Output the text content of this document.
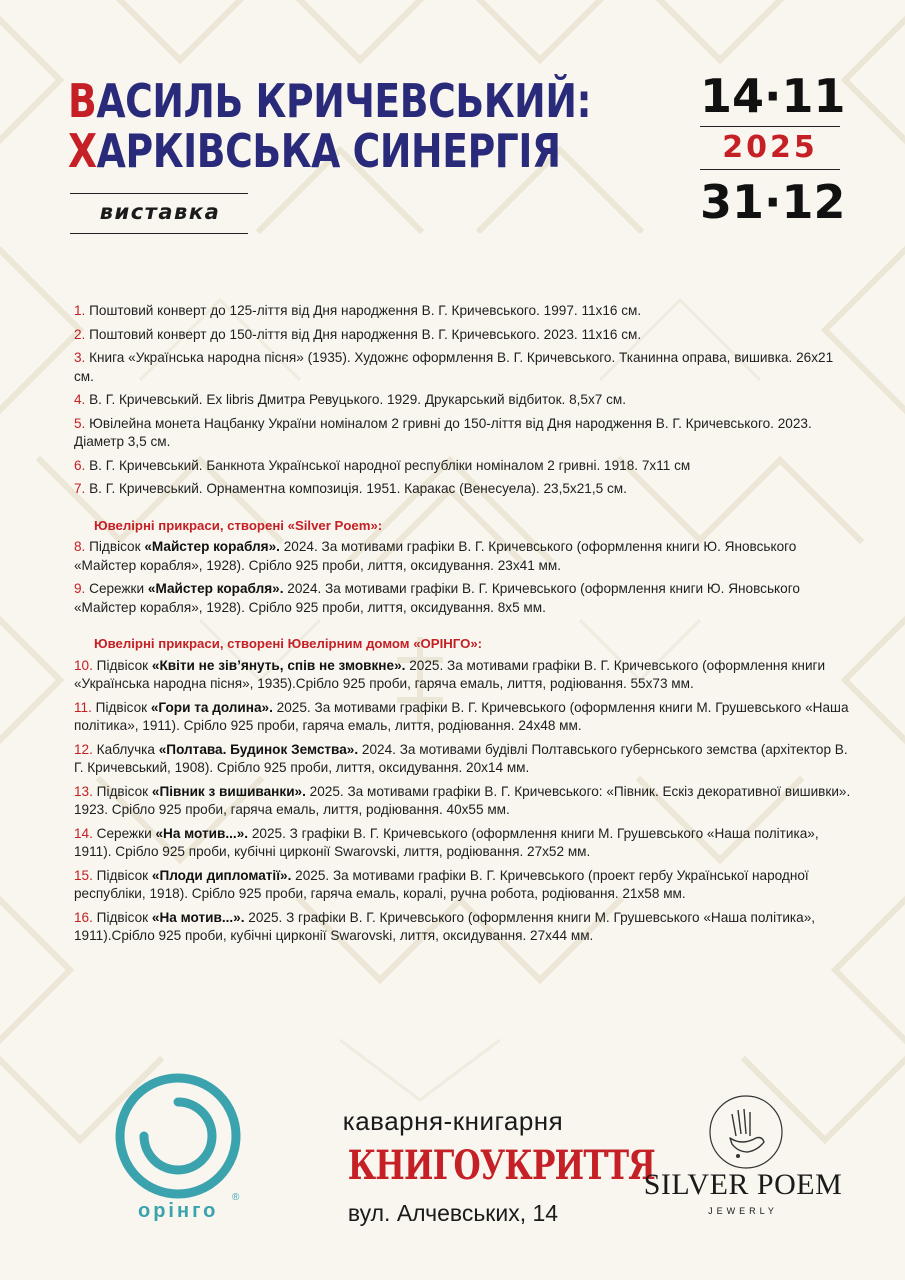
ВАСИЛЬ КРИЧЕВСЬКИЙ:
ХАРКІВСЬКА СИНЕРГІЯ
виставка
14·11
2025
31·12
1. Поштовий конверт до 125-ліття від Дня народження В. Г. Кричевського. 1997. 11х16 см.
2. Поштовий конверт до 150-ліття від Дня народження В. Г. Кричевського. 2023. 11х16 см.
3. Книга «Українська народна пісня» (1935). Художнє оформлення В. Г. Кричевського. Тканинна оправа, вишивка. 26х21 см.
4. В. Г. Кричевський. Ex libris Дмитра Ревуцького. 1929. Друкарський відбиток. 8,5х7 см.
5. Ювілейна монета Нацбанку України номіналом 2 гривні до 150-ліття від Дня народження В. Г. Кричевського. 2023. Діаметр 3,5 см.
6. В. Г. Кричевський. Банкнота Української народної республіки номіналом 2 гривні. 1918. 7х11 см
7. В. Г. Кричевський. Орнаментна композиція. 1951. Каракас (Венесуела). 23,5х21,5 см.
Ювелірні прикраси, створені «Silver Poem»:
8. Підвісок «Майстер корабля». 2024. За мотивами графіки В. Г. Кричевського (оформлення книги Ю. Яновського «Майстер корабля», 1928). Срібло 925 проби, лиття, оксидування. 23х41 мм.
9. Сережки «Майстер корабля». 2024. За мотивами графіки В. Г. Кричевського (оформлення книги Ю. Яновського «Майстер корабля», 1928). Срібло 925 проби, лиття, оксидування. 8х5 мм.
Ювелірні прикраси, створені Ювелірним домом «ОРІНГО»:
10. Підвісок «Квіти не зів’януть, спів не змовкне». 2025. За мотивами графіки В. Г. Кричевського (оформлення книги «Українська народна пісня», 1935).Срібло 925 проби, гаряча емаль, лиття, родіювання. 55х73 мм.
11. Підвісок «Гори та долина». 2025. За мотивами графіки В. Г. Кричевського (оформлення книги М. Грушевського «Наша політика», 1911). Срібло 925 проби, гаряча емаль, лиття, родіювання. 24х48 мм.
12. Каблучка «Полтава. Будинок Земства». 2024. За мотивами будівлі Полтавського губернського земства (архітектор В. Г. Кричевський, 1908). Срібло 925 проби, лиття, оксидування. 20х14 мм.
13. Підвісок «Півник з вишиванки». 2025. За мотивами графіки В. Г. Кричевського: «Півник. Ескіз декоративної вишивки». 1923. Срібло 925 проби, гаряча емаль, лиття, родіювання. 40х55 мм.
14. Сережки «На мотив...». 2025. З графіки В. Г. Кричевського (оформлення книги М. Грушевського «Наша політика», 1911). Срібло 925 проби, кубічні цирконії Swarovski, лиття, родіювання. 27х52 мм.
15. Підвісок «Плоди дипломатії». 2025. За мотивами графіки В. Г. Кричевського (проект гербу Української народної республіки, 1918). Срібло 925 проби, гаряча емаль, коралі, ручна робота, родіювання. 21х58 мм.
16. Підвісок «На мотив...». 2025. З графіки В. Г. Кричевського (оформлення книги М. Грушевського «Наша політика», 1911).Срібло 925 проби, кубічні цирконії Swarovski, лиття, оксидування. 27х44 мм.
орінго
®
каварня-книгарня
КНИГОУКРИТТЯ
вул. Алчевських, 14
SILVER POEM
JEWERLY
